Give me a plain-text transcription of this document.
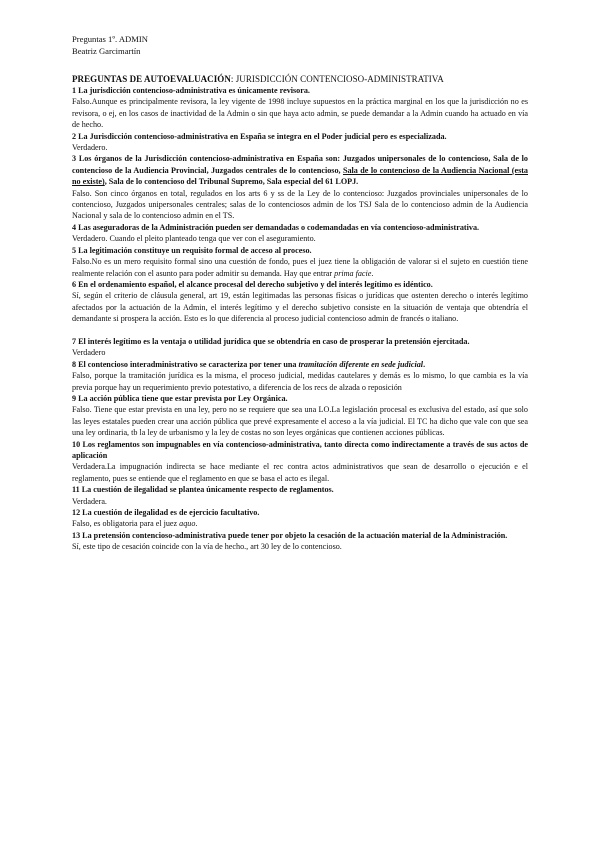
Preguntas 1º. ADMIN
Beatriz Garcimartín
PREGUNTAS DE AUTOEVALUACIÓN: JURISDICCIÓN CONTENCIOSO-ADMINISTRATIVA

1 La jurisdicción contencioso-administrativa es únicamente revisora.

Falso.Aunque es principalmente revisora, la ley vigente de 1998 incluye supuestos en la práctica marginal en los que la jurisdicción no es revisora, o ej, en los casos de inactividad de la Admin o sin que haya acto admin, se puede demandar a la Admin cuando ha actuado en vía de hecho.

2 La Jurisdicción contencioso-administrativa en España se integra en el Poder judicial pero es especializada.

Verdadero.

3 Los órganos de la Jurisdicción contencioso-administrativa en España son: Juzgados unipersonales de lo contencioso, Sala de lo contencioso de la Audiencia Provincial, Juzgados centrales de lo contencioso, Sala de lo contencioso de la Audiencia Nacional (esta no existe), Sala de lo contencioso del Tribunal Supremo, Sala especial del 61 LOPJ.

Falso. Son cinco órganos en total, regulados en los arts 6 y ss de la Ley de lo contencioso: Juzgados provinciales unipersonales de lo contencioso, Juzgados unipersonales centrales; salas de lo contenciosos admin de los TSJ Sala de lo contencioso admin de la Audiencia Nacional y sala de lo contencioso admin en el TS.

4 Las aseguradoras de la Administración pueden ser demandadas o codemandadas en vía contencioso-administrativa.

Verdadero. Cuando el pleito planteado tenga que ver con el aseguramiento.

5 La legitimación constituye un requisito formal de acceso al proceso.

Falso.No es un mero requisito formal sino una cuestión de fondo, pues el juez tiene la obligación de valorar si el sujeto en cuestión tiene realmente relación con el asunto para poder admitir su demanda. Hay que entrar prima facie.

6 En el ordenamiento español, el alcance procesal del derecho subjetivo y del interés legítimo es idéntico.

Sí, según el criterio de cláusula general, art 19, están legitimadas las personas físicas o jurídicas que ostenten derecho o interés legítimo afectados por la actuación de la Admin, el interés legítimo y el derecho subjetivo consiste en la situación de ventaja que obtendría el demandante si prospera la acción. Esto es lo que diferencia al proceso judicial contencioso admin de francés o italiano.

7 El interés legítimo es la ventaja o utilidad jurídica que se obtendría en caso de prosperar la pretensión ejercitada.

Verdadero

8 El contencioso interadministrativo se caracteriza por tener una tramitación diferente en sede judicial.

Falso, porque la tramitación jurídica es la misma, el proceso judicial, medidas cautelares y demás es lo mismo, lo que cambia es la vía previa porque hay un requerimiento previo potestativo, a diferencia de los recs de alzada o reposición

9 La acción pública tiene que estar prevista por Ley Orgánica.

Falso. Tiene que estar prevista en una ley, pero no se requiere que sea una LO.La legislación procesal es exclusiva del estado, así que solo las leyes estatales pueden crear una acción pública que prevé expresamente el acceso a la vía judicial. El TC ha dicho que vale con que sea una ley ordinaria, tb la ley de urbanismo y la ley de costas no son leyes orgánicas que contienen acciones públicas.

10 Los reglamentos son impugnables en vía contencioso-administrativa, tanto directa como indirectamente a través de sus actos de aplicación

Verdadera.La impugnación indirecta se hace mediante el rec contra actos administrativos que sean de desarrollo o ejecución e el reglamento, pues se entiende que el reglamento en que se basa el acto es ilegal.

11 La cuestión de ilegalidad se plantea únicamente respecto de reglamentos.

Verdadera.

12 La cuestión de ilegalidad es de ejercicio facultativo.

Falso, es obligatoria para el juez aquo.

13 La pretensión contencioso-administrativa puede tener por objeto la cesación de la actuación material de la Administración.

Sí, este tipo de cesación coincide con la vía de hecho., art 30 ley de lo contencioso.
